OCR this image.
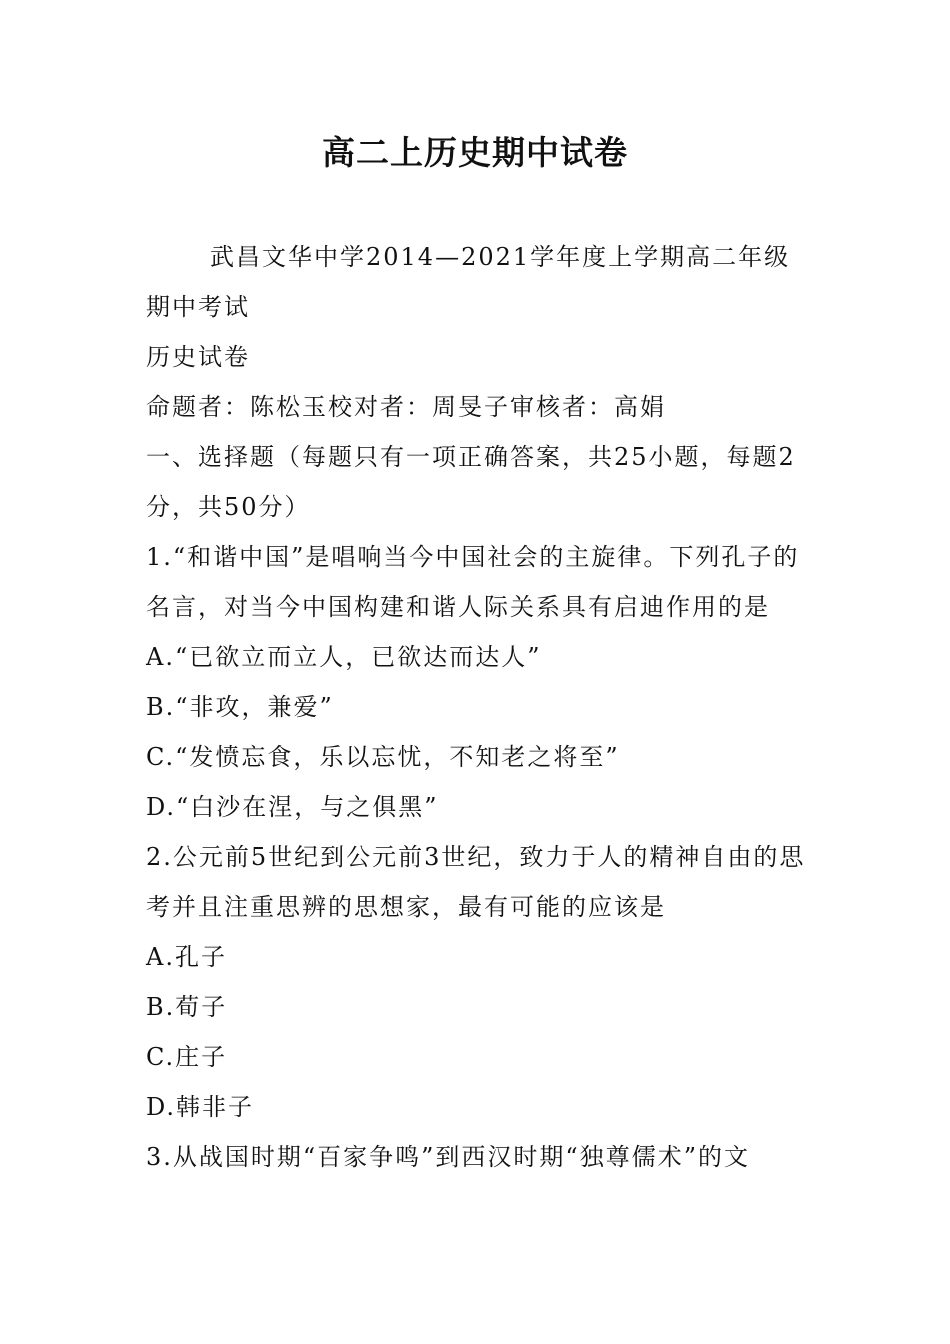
高二上历史期中试卷

武昌文华中学2014—2021学年度上学期高二年级期中考试

历史试卷

命题者：陈松玉校对者：周旻子审核者：高娟

一、选择题（每题只有一项正确答案，共25小题，每题2分，共50分）

1.“和谐中国”是唱响当今中国社会的主旋律。下列孔子的名言，对当今中国构建和谐人际关系具有启迪作用的是

A.“已欲立而立人，已欲达而达人”

B.“非攻，兼爱”

C.“发愤忘食，乐以忘忧，不知老之将至”

D.“白沙在涅，与之俱黑”

2.公元前5世纪到公元前3世纪，致力于人的精神自由的思考并且注重思辨的思想家，最有可能的应该是

A.孔子

B.荀子

C.庄子

D.韩非子

3.从战国时期“百家争鸣”到西汉时期“独尊儒术”的文
